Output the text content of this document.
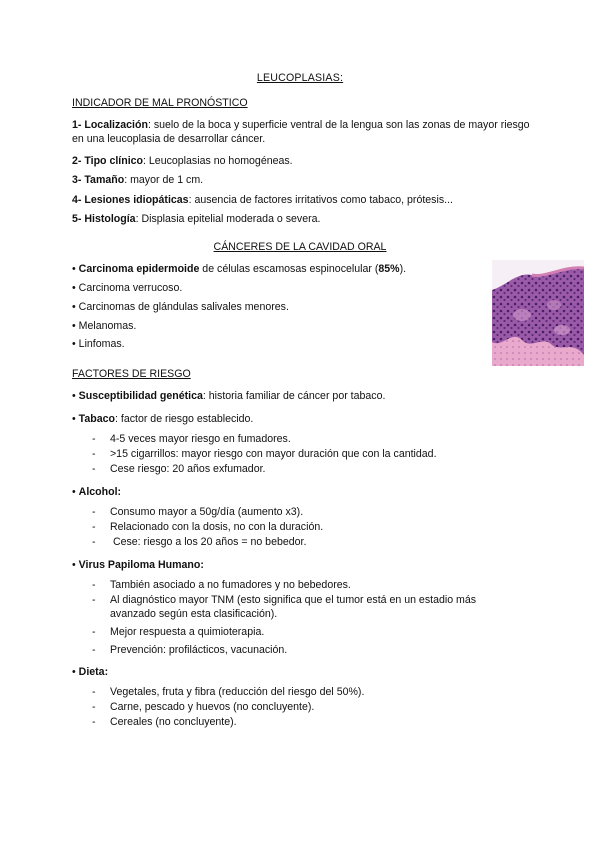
LEUCOPLASIAS:
INDICADOR DE MAL PRONÓSTICO
1- Localización: suelo de la boca y superficie ventral de la lengua son las zonas de mayor riesgo en una leucoplasia de desarrollar cáncer.
2- Tipo clínico: Leucoplasias no homogéneas.
3- Tamaño: mayor de 1 cm.
4- Lesiones idiopáticas: ausencia de factores irritativos como tabaco, prótesis...
5- Histología: Displasia epitelial moderada o severa.
CÁNCERES DE LA CAVIDAD ORAL
• Carcinoma epidermoide de células escamosas espinocelular (85%).
• Carcinoma verrucoso.
• Carcinomas de glándulas salivales menores.
• Melanomas.
• Linfomas.
FACTORES DE RIESGO
• Susceptibilidad genética: historia familiar de cáncer por tabaco.
• Tabaco: factor de riesgo establecido.
- 4-5 veces mayor riesgo en fumadores.
- >15 cigarrillos: mayor riesgo con mayor duración que con la cantidad.
- Cese riesgo: 20 años exfumador.
• Alcohol:
- Consumo mayor a 50g/día (aumento x3).
- Relacionado con la dosis, no con la duración.
- Cese: riesgo a los 20 años = no bebedor.
• Virus Papiloma Humano:
- También asociado a no fumadores y no bebedores.
- Al diagnóstico mayor TNM (esto significa que el tumor está en un estadio más avanzado según esta clasificación).
- Mejor respuesta a quimioterapia.
- Prevención: profilácticos, vacunación.
• Dieta:
- Vegetales, fruta y fibra (reducción del riesgo del 50%).
- Carne, pescado y huevos (no concluyente).
- Cereales (no concluyente).
